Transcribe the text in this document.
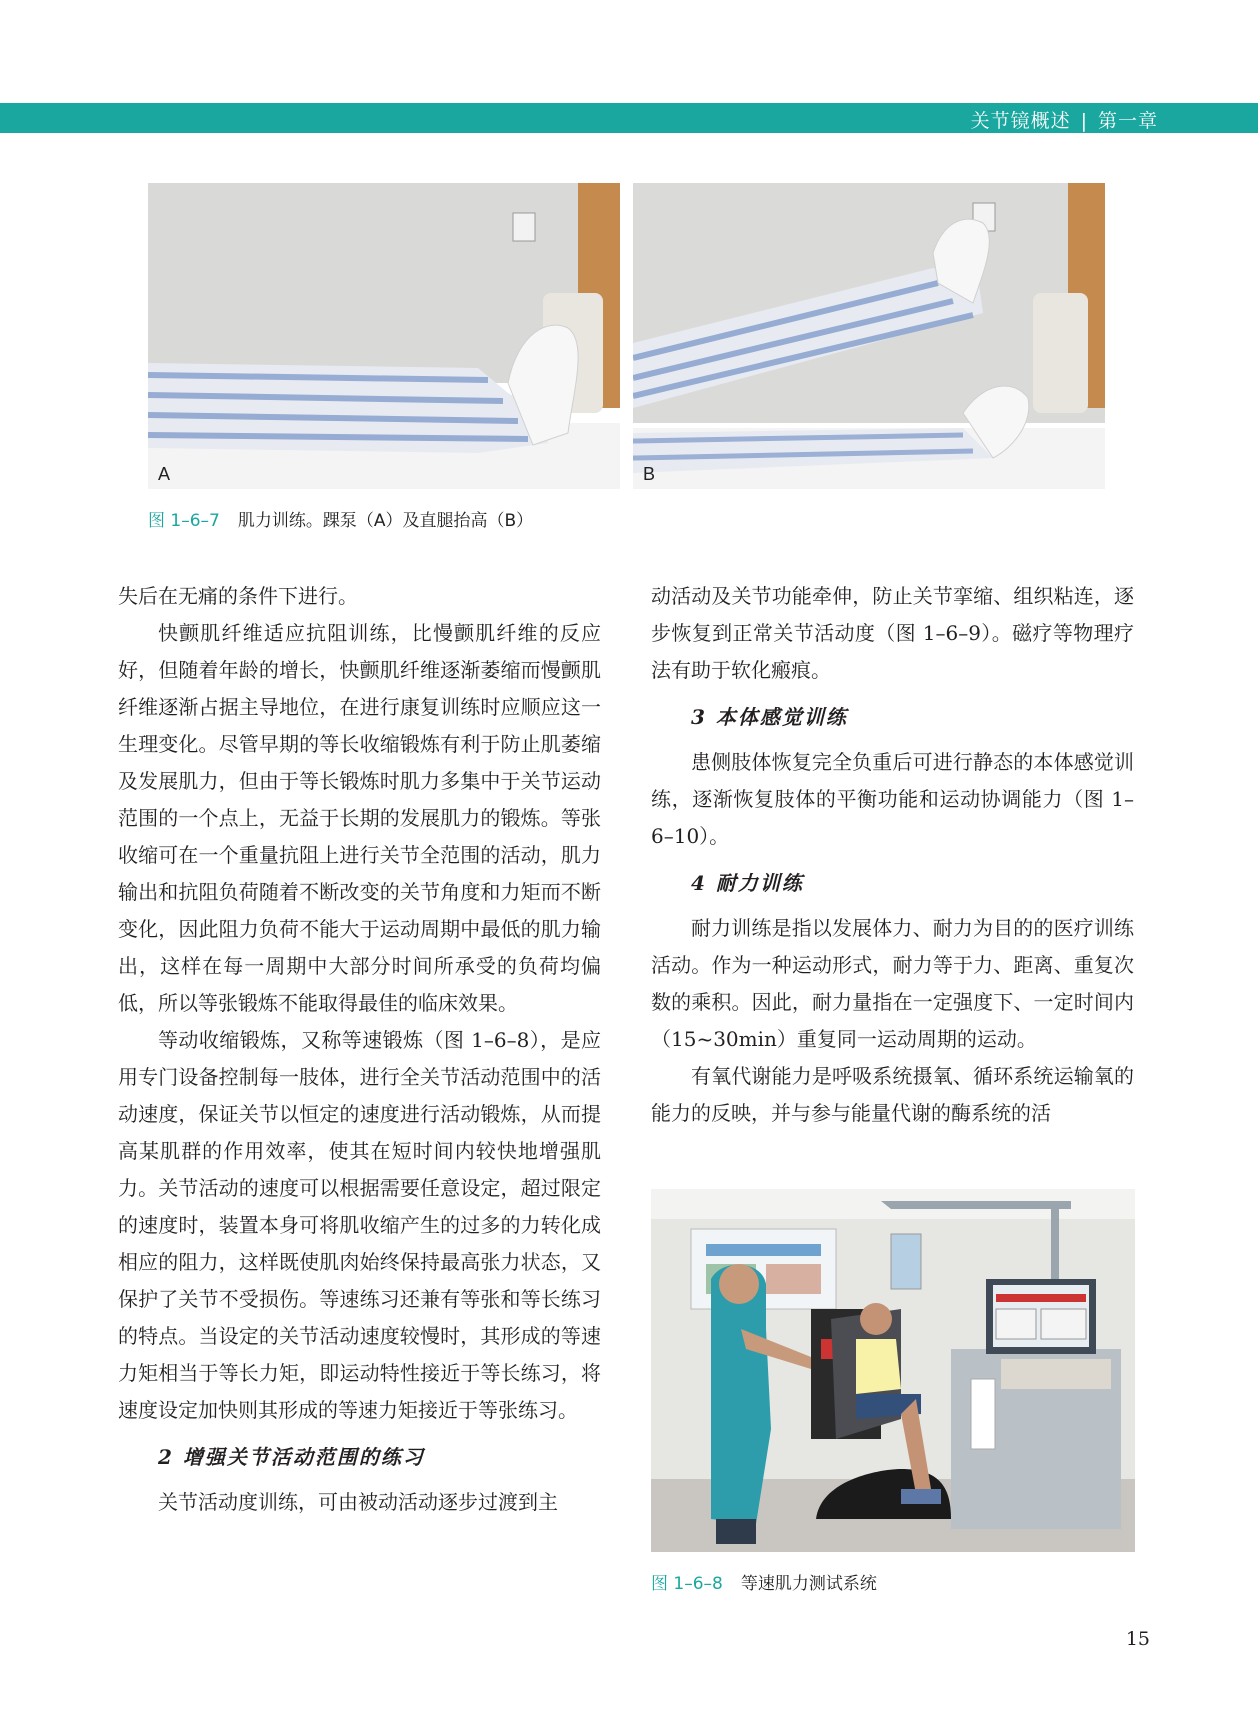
关节镜概述 | 第一章
A	B
图 1–6–7 肌力训练。踝泵（A）及直腿抬高（B）

失后在无痛的条件下进行。

快颤肌纤维适应抗阻训练，比慢颤肌纤维的反应好，但随着年龄的增长，快颤肌纤维逐渐萎缩而慢颤肌纤维逐渐占据主导地位，在进行康复训练时应顺应这一生理变化。尽管早期的等长收缩锻炼有利于防止肌萎缩及发展肌力，但由于等长锻炼时肌力多集中于关节运动范围的一个点上，无益于长期的发展肌力的锻炼。等张收缩可在一个重量抗阻上进行关节全范围的活动，肌力输出和抗阻负荷随着不断改变的关节角度和力矩而不断变化，因此阻力负荷不能大于运动周期中最低的肌力输出，这样在每一周期中大部分时间所承受的负荷均偏低，所以等张锻炼不能取得最佳的临床效果。

等动收缩锻炼，又称等速锻炼（图 1–6–8），是应用专门设备控制每一肢体，进行全关节活动范围中的活动速度，保证关节以恒定的速度进行活动锻炼，从而提高某肌群的作用效率，使其在短时间内较快地增强肌力。关节活动的速度可以根据需要任意设定，超过限定的速度时，装置本身可将肌收缩产生的过多的力转化成相应的阻力，这样既使肌肉始终保持最高张力状态，又保护了关节不受损伤。等速练习还兼有等张和等长练习的特点。当设定的关节活动速度较慢时，其形成的等速力矩相当于等长力矩，即运动特性接近于等长练习，将速度设定加快则其形成的等速力矩接近于等张练习。

2 增强关节活动范围的练习

关节活动度训练，可由被动活动逐步过渡到主

动活动及关节功能牵伸，防止关节挛缩、组织粘连，逐步恢复到正常关节活动度（图 1–6–9）。磁疗等物理疗法有助于软化瘢痕。

3 本体感觉训练

患侧肢体恢复完全负重后可进行静态的本体感觉训练，逐渐恢复肢体的平衡功能和运动协调能力（图 1–6–10）。

4 耐力训练

耐力训练是指以发展体力、耐力为目的的医疗训练活动。作为一种运动形式，耐力等于力、距离、重复次数的乘积。因此，耐力量指在一定强度下、一定时间内（15~30min）重复同一运动周期的运动。

有氧代谢能力是呼吸系统摄氧、循环系统运输氧的能力的反映，并与参与能量代谢的酶系统的活

图 1–6–8 等速肌力测试系统
15
